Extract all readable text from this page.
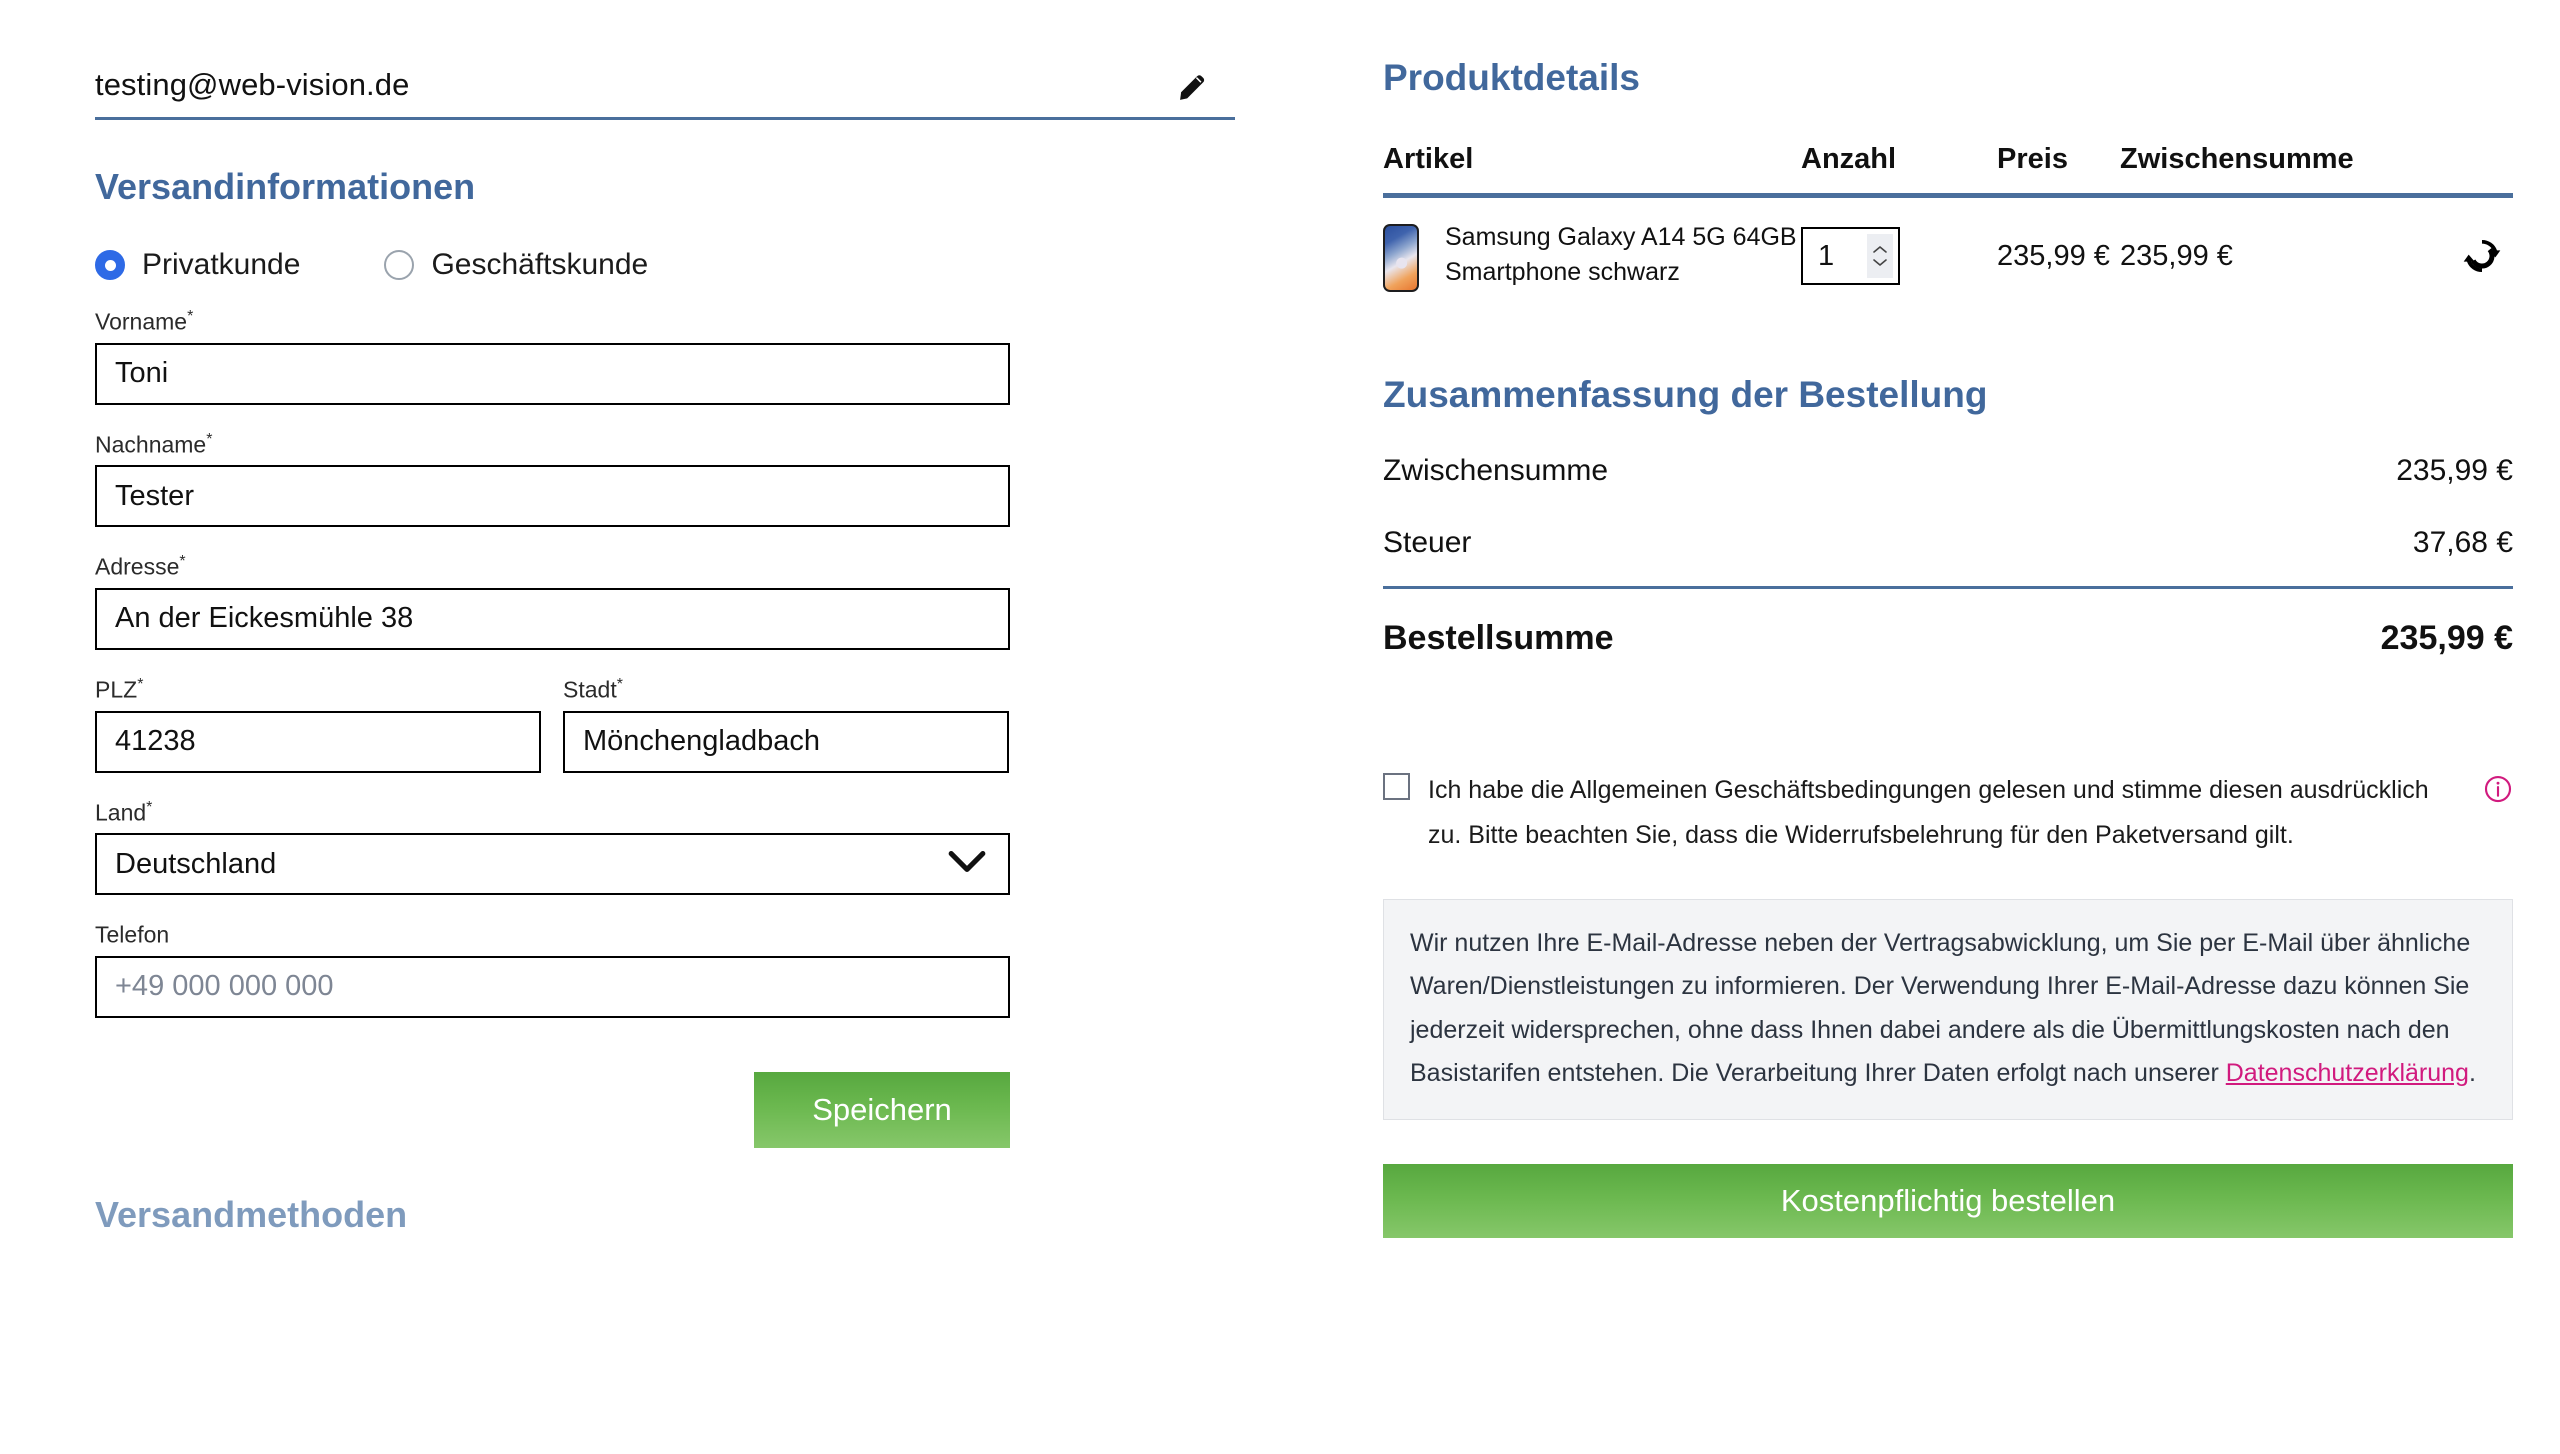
testing@web-vision.de
Versandinformationen
Privatkunde	Geschäftskunde
Vorname*
Toni
Nachname*
Tester
Adresse*
An der Eickesmühle 38
PLZ*
41238	Stadt*
Mönchengladbach
Land*
Deutschland
Telefon
+49 000 000 000
Speichern
Versandmethoden
Produktdetails
Artikel	Anzahl	Preis	Zwischensumme
Samsung Galaxy A14 5G 64GB Smartphone schwarz	1	235,99 € 235,99 €
Zusammenfassung der Bestellung
Zwischensumme	235,99 €
Steuer	37,68 €
Bestellsumme	235,99 €
Ich habe die Allgemeinen Geschäftsbedingungen gelesen und stimme diesen ausdrücklich zu. Bitte beachten Sie, dass die Widerrufsbelehrung für den Paketversand gilt.
Wir nutzen Ihre E-Mail-Adresse neben der Vertragsabwicklung, um Sie per E-Mail über ähnliche Waren/Dienstleistungen zu informieren. Der Verwendung Ihrer E-Mail-Adresse dazu können Sie jederzeit widersprechen, ohne dass Ihnen dabei andere als die Übermittlungskosten nach den Basistarifen entstehen. Die Verarbeitung Ihrer Daten erfolgt nach unserer Datenschutzerklärung.
Kostenpflichtig bestellen
